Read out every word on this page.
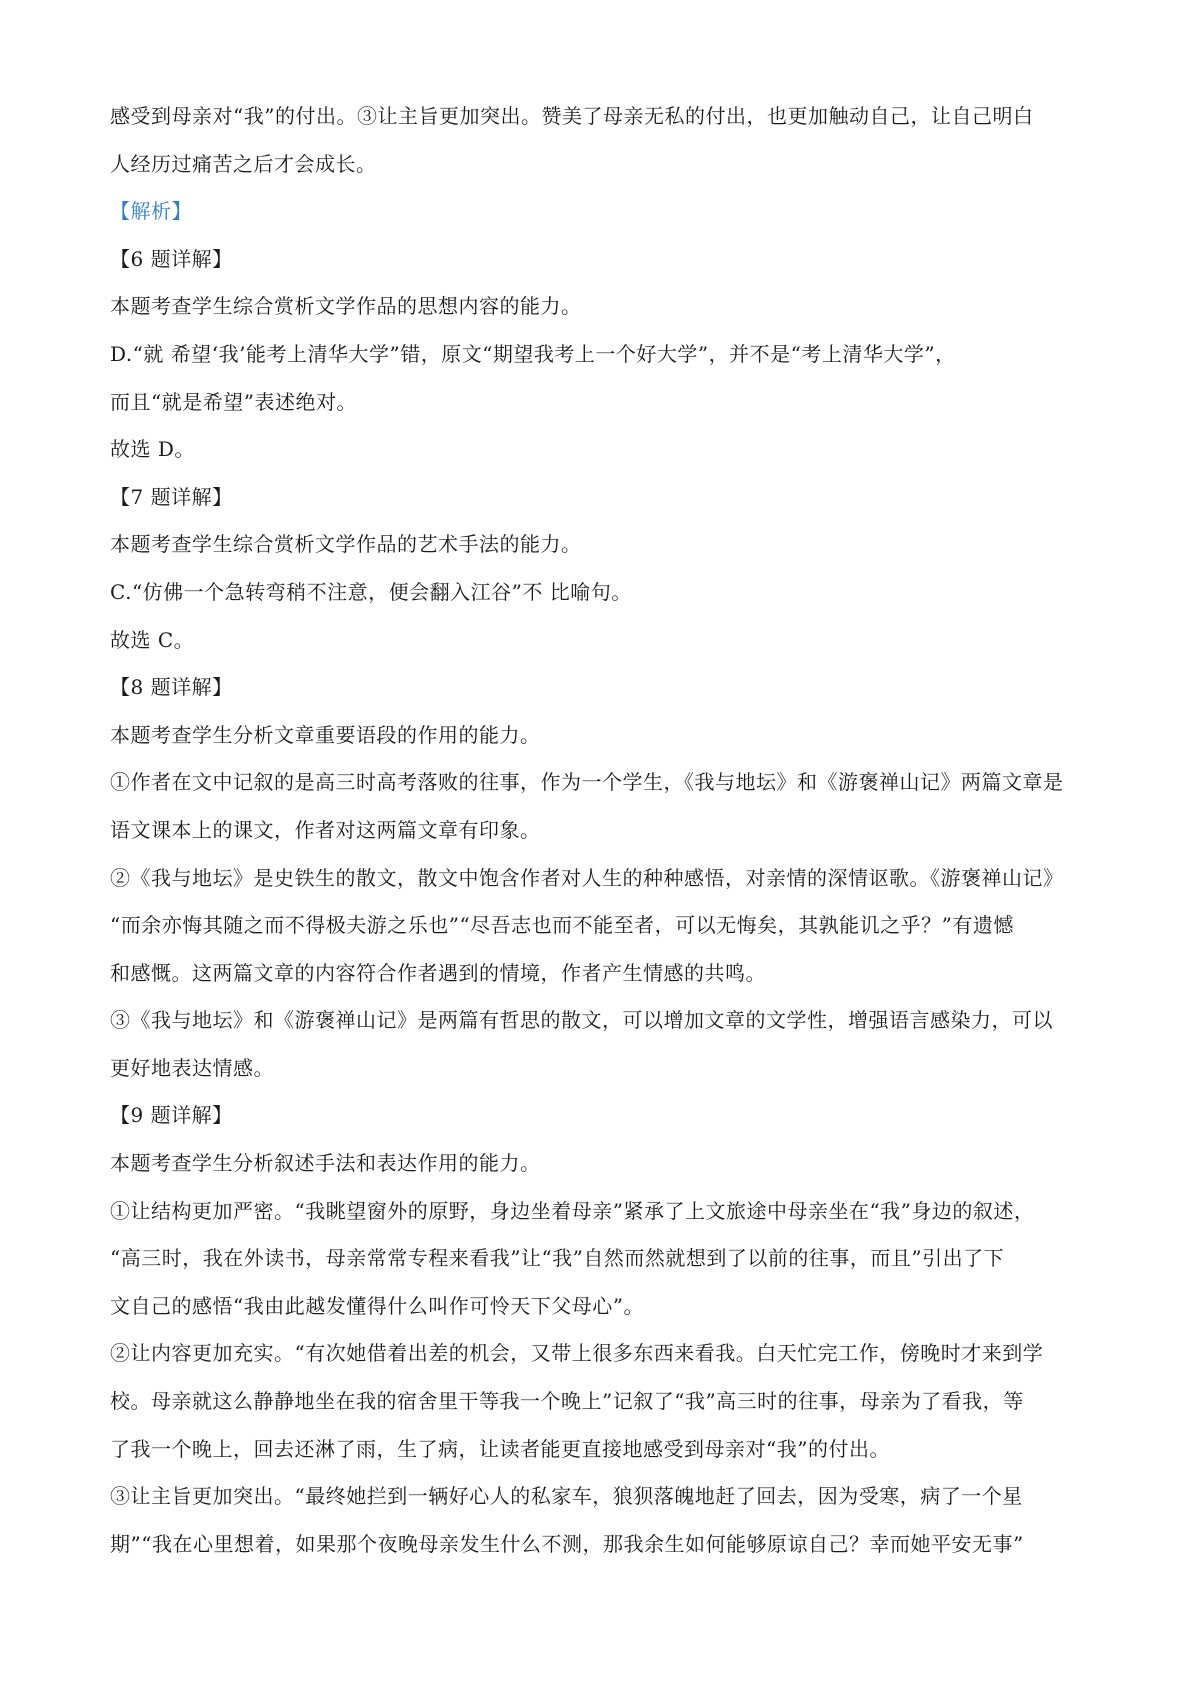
感受到母亲对“我”的付出。③让主旨更加突出。赞美了母亲无私的付出，也更加触动自己，让自己明白
人经历过痛苦之后才会成长。
【解析】
【6 题详解】
本题考查学生综合赏析文学作品的思想内容的能力。
D.“就 希望‘我’能考上清华大学”错，原文“期望我考上一个好大学”，并不是“考上清华大学”，
而且“就是希望”表述绝对。
故选 D。
【7 题详解】
本题考查学生综合赏析文学作品的艺术手法的能力。
C.“仿佛一个急转弯稍不注意，便会翻入江谷”不 比喻句。
故选 C。
【8 题详解】
本题考查学生分析文章重要语段的作用的能力。
①作者在文中记叙的是高三时高考落败的往事，作为一个学生，《我与地坛》和《游褒禅山记》两篇文章是
语文课本上的课文，作者对这两篇文章有印象。
②《我与地坛》是史铁生的散文，散文中饱含作者对人生的种种感悟，对亲情的深情讴歌。《游褒禅山记》
“而余亦悔其随之而不得极夫游之乐也”“尽吾志也而不能至者，可以无悔矣，其孰能讥之乎？”有遗憾
和感慨。这两篇文章的内容符合作者遇到的情境，作者产生情感的共鸣。
③《我与地坛》和《游褒禅山记》是两篇有哲思的散文，可以增加文章的文学性，增强语言感染力，可以
更好地表达情感。
【9 题详解】
本题考查学生分析叙述手法和表达作用的能力。
①让结构更加严密。“我眺望窗外的原野，身边坐着母亲”紧承了上文旅途中母亲坐在“我”身边的叙述，
“高三时，我在外读书，母亲常常专程来看我”让“我”自然而然就想到了以前的往事，而且”引出了下
文自己的感悟“我由此越发懂得什么叫作可怜天下父母心”。
②让内容更加充实。“有次她借着出差的机会，又带上很多东西来看我。白天忙完工作，傍晚时才来到学
校。母亲就这么静静地坐在我的宿舍里干等我一个晚上”记叙了“我”高三时的往事，母亲为了看我，等
了我一个晚上，回去还淋了雨，生了病，让读者能更直接地感受到母亲对“我”的付出。
③让主旨更加突出。“最终她拦到一辆好心人的私家车，狼狈落魄地赶了回去，因为受寒，病了一个星
期”“我在心里想着，如果那个夜晚母亲发生什么不测，那我余生如何能够原谅自己？幸而她平安无事”
